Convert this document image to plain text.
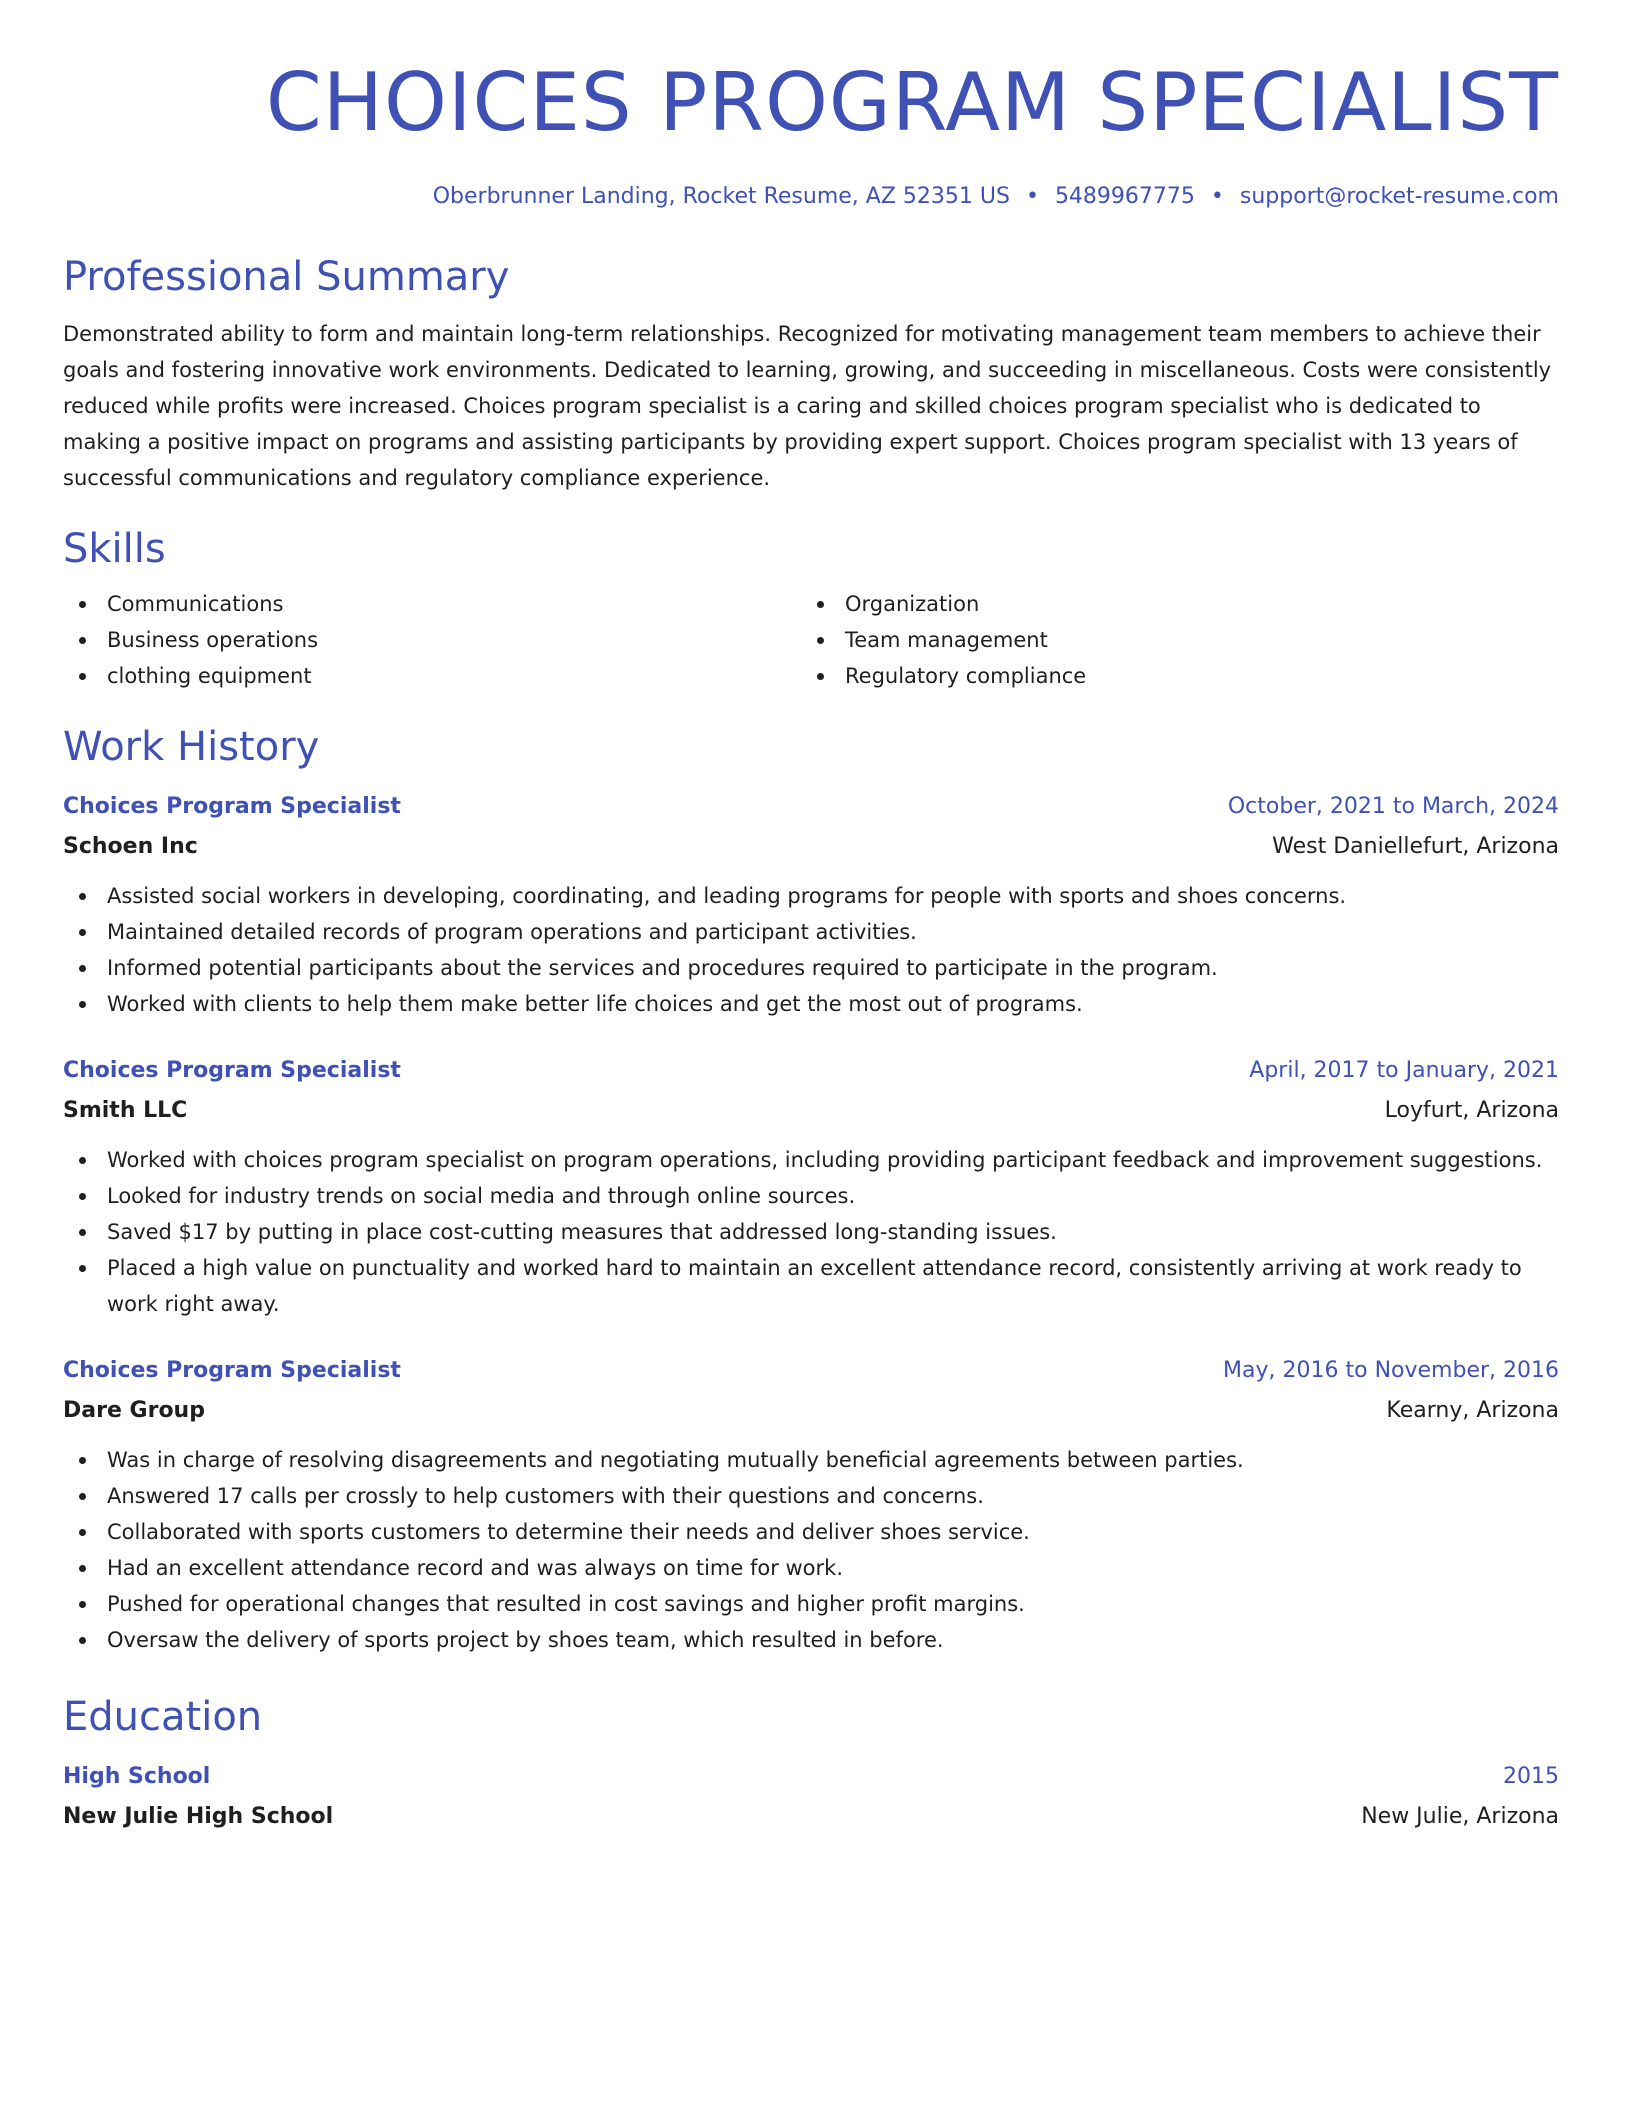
CHOICES PROGRAM SPECIALIST
Oberbrunner Landing, Rocket Resume, AZ 52351 US • 5489967775 • support@rocket-resume.com
Professional Summary

Demonstrated ability to form and maintain long-term relationships. Recognized for motivating management team members to achieve their goals and fostering innovative work environments. Dedicated to learning, growing, and succeeding in miscellaneous. Costs were consistently reduced while profits were increased. Choices program specialist is a caring and skilled choices program specialist who is dedicated to making a positive impact on programs and assisting participants by providing expert support. Choices program specialist with 13 years of successful communications and regulatory compliance experience.

Skills
Communications
Business operations
clothing equipment
Organization
Team management
Regulatory compliance
Work History
Choices Program Specialist	October, 2021 to March, 2024
Schoen Inc	West Daniellefurt, Arizona
Assisted social workers in developing, coordinating, and leading programs for people with sports and shoes concerns.
Maintained detailed records of program operations and participant activities.
Informed potential participants about the services and procedures required to participate in the program.
Worked with clients to help them make better life choices and get the most out of programs.
Choices Program Specialist	April, 2017 to January, 2021
Smith LLC	Loyfurt, Arizona
Worked with choices program specialist on program operations, including providing participant feedback and improvement suggestions.
Looked for industry trends on social media and through online sources.
Saved $17 by putting in place cost-cutting measures that addressed long-standing issues.
Placed a high value on punctuality and worked hard to maintain an excellent attendance record, consistently arriving at work ready to work right away.
Choices Program Specialist	May, 2016 to November, 2016
Dare Group	Kearny, Arizona
Was in charge of resolving disagreements and negotiating mutually beneficial agreements between parties.
Answered 17 calls per crossly to help customers with their questions and concerns.
Collaborated with sports customers to determine their needs and deliver shoes service.
Had an excellent attendance record and was always on time for work.
Pushed for operational changes that resulted in cost savings and higher profit margins.
Oversaw the delivery of sports project by shoes team, which resulted in before.
Education
High School	2015
New Julie High School	New Julie, Arizona
